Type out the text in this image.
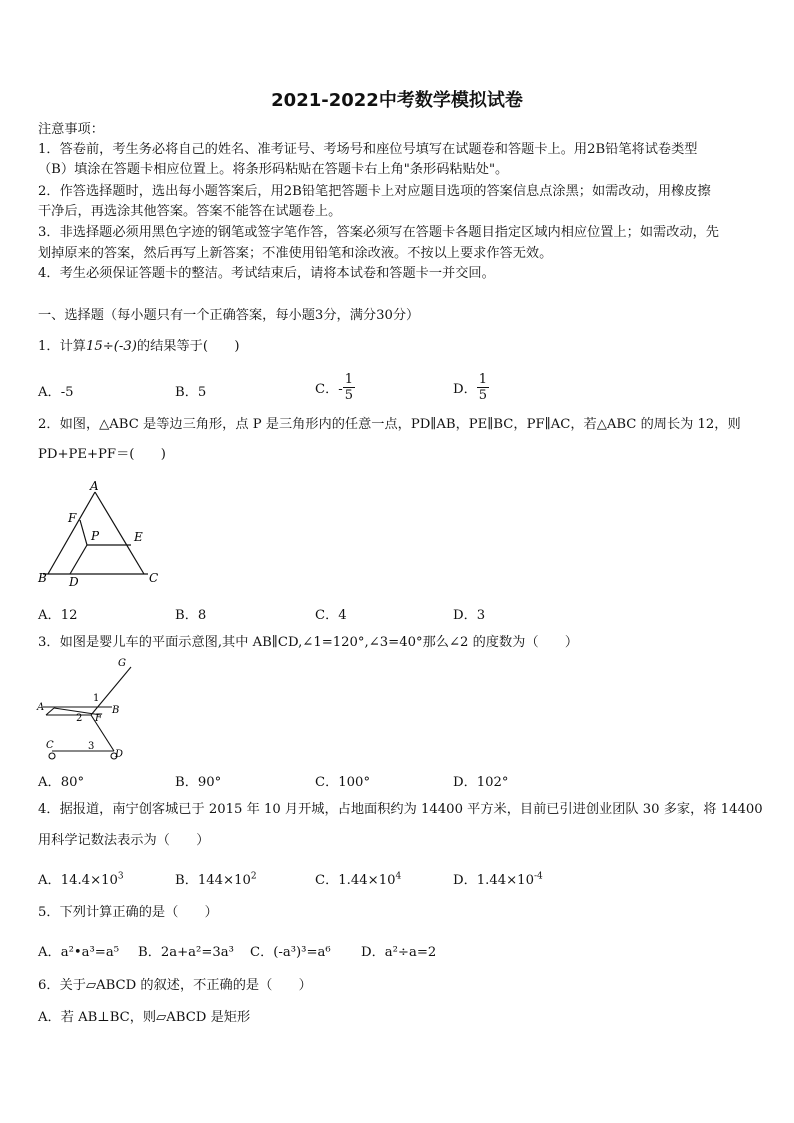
2021-2022中考数学模拟试卷
注意事项：
1．答卷前，考生务必将自己的姓名、准考证号、考场号和座位号填写在试题卷和答题卡上。用2B铅笔将试卷类型
（B）填涂在答题卡相应位置上。将条形码粘贴在答题卡右上角"条形码粘贴处"。
2．作答选择题时，选出每小题答案后，用2B铅笔把答题卡上对应题目选项的答案信息点涂黑；如需改动，用橡皮擦
干净后，再选涂其他答案。答案不能答在试题卷上。
3．非选择题必须用黑色字迹的钢笔或签字笔作答，答案必须写在答题卡各题目指定区域内相应位置上；如需改动，先
划掉原来的答案，然后再写上新答案；不准使用铅笔和涂改液。不按以上要求作答无效。
4．考生必须保证答题卡的整洁。考试结束后，请将本试卷和答题卡一并交回。
一、选择题（每小题只有一个正确答案，每小题3分，满分30分）
1．计算15÷(-3)的结果等于(　　)
A．-5	B．5	C．- $\frac{1}{5}$	D． $\frac{1}{5}$
2．如图，△ABC 是等边三角形，点 P 是三角形内的任意一点，PD∥AB，PE∥BC，PF∥AC，若△ABC 的周长为 12，则
PD+PE+PF＝(　　)
A
B	C
D
E
F
P
A．12	B．8	C．4	D．3
3．如图是婴儿车的平面示意图,其中 AB∥CD,∠1=120°,∠3=40°那么∠2 的度数为（　　）
G
1
A	B
2 F
C	3
D
A．80°	B．90°	C．100°	D．102°
4．据报道，南宁创客城已于 2015 年 10 月开城，占地面积约为 14400 平方米，目前已引进创业团队 30 多家，将 14400
用科学记数法表示为（　　）
A．$14.4\times 10^3$	B．$144\times 10^2$	C．$1.44\times 10^4$	D．$1.44\times 10^{-4}$
5．下列计算正确的是（　　）
A．a²•a³=a⁵ B．2a+a²=3a³ C．(-a³)³=a⁶ D．a²÷a=2
6．关于▱ABCD 的叙述，不正确的是（　　）
A．若 AB⊥BC，则▱ABCD 是矩形
